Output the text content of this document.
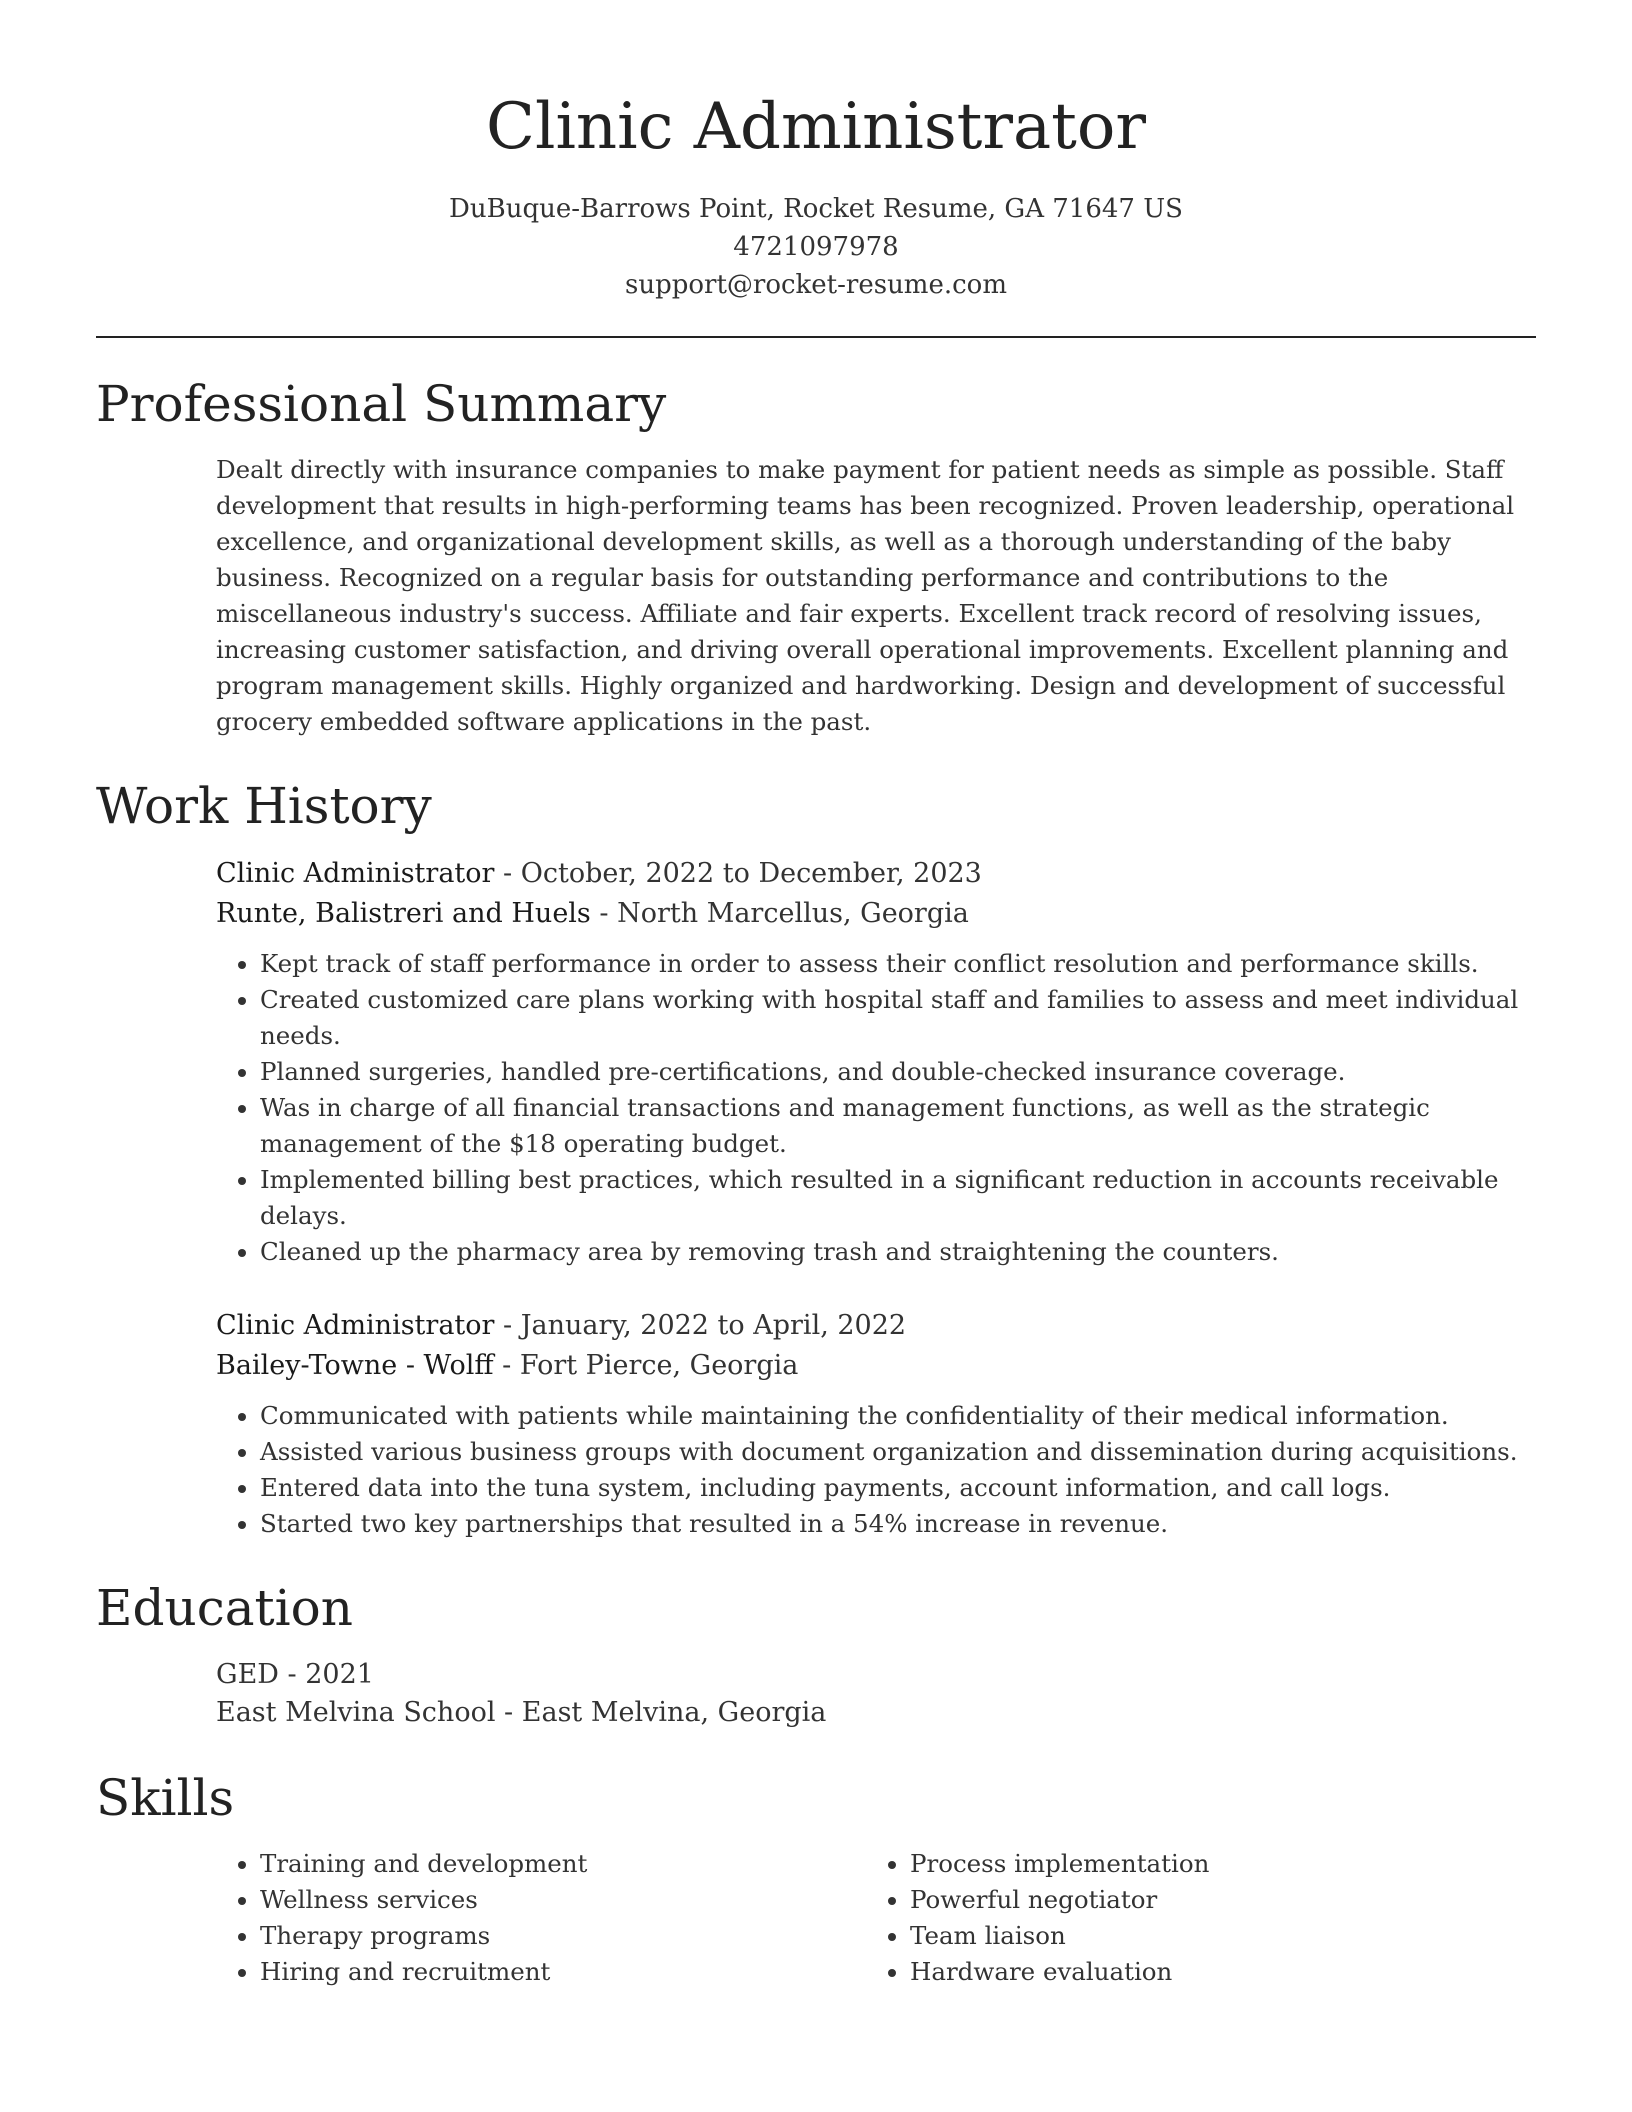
Clinic Administrator
DuBuque-Barrows Point, Rocket Resume, GA 71647 US
4721097978
support@rocket-resume.com
Professional Summary

Dealt directly with insurance companies to make payment for patient needs as simple as possible. Staff development that results in high-performing teams has been recognized. Proven leadership, operational excellence, and organizational development skills, as well as a thorough understanding of the baby business. Recognized on a regular basis for outstanding performance and contributions to the miscellaneous industry's success. Affiliate and fair experts. Excellent track record of resolving issues, increasing customer satisfaction, and driving overall operational improvements. Excellent planning and program management skills. Highly organized and hardworking. Design and development of successful grocery embedded software applications in the past.

Work History
Clinic Administrator - October, 2022 to December, 2023
Runte, Balistreri and Huels - North Marcellus, Georgia
• Kept track of staff performance in order to assess their conflict resolution and performance skills.
• Created customized care plans working with hospital staff and families to assess and meet individual needs.
• Planned surgeries, handled pre-certifications, and double-checked insurance coverage.
• Was in charge of all financial transactions and management functions, as well as the strategic management of the $18 operating budget.
• Implemented billing best practices, which resulted in a significant reduction in accounts receivable delays.
• Cleaned up the pharmacy area by removing trash and straightening the counters.
Clinic Administrator - January, 2022 to April, 2022
Bailey-Towne - Wolff - Fort Pierce, Georgia
• Communicated with patients while maintaining the confidentiality of their medical information.
• Assisted various business groups with document organization and dissemination during acquisitions.
• Entered data into the tuna system, including payments, account information, and call logs.
• Started two key partnerships that resulted in a 54% increase in revenue.
Education
GED - 2021
East Melvina School - East Melvina, Georgia
Skills
• Training and development
• Wellness services
• Therapy programs
• Hiring and recruitment
• Process implementation
• Powerful negotiator
• Team liaison
• Hardware evaluation
